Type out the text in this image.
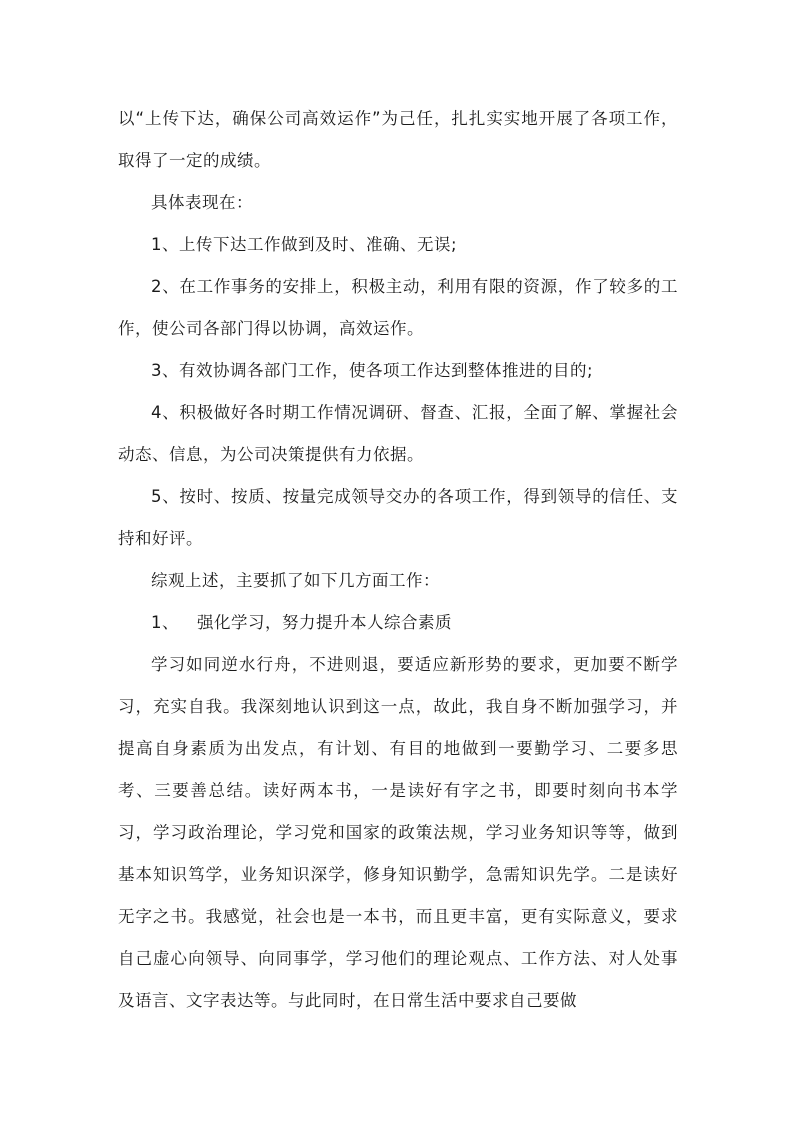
以“上传下达，确保公司高效运作”为己任，扎扎实实地开展了各项工作，取得了一定的成绩。

具体表现在：

1、上传下达工作做到及时、准确、无误;

2、在工作事务的安排上，积极主动，利用有限的资源，作了较多的工作，使公司各部门得以协调，高效运作。

3、有效协调各部门工作，使各项工作达到整体推进的目的;

4、积极做好各时期工作情况调研、督查、汇报，全面了解、掌握社会动态、信息，为公司决策提供有力依据。

5、按时、按质、按量完成领导交办的各项工作，得到领导的信任、支持和好评。

综观上述，主要抓了如下几方面工作：

1、 强化学习，努力提升本人综合素质

学习如同逆水行舟，不进则退，要适应新形势的要求，更加要不断学习，充实自我。我深刻地认识到这一点，故此，我自身不断加强学习，并提高自身素质为出发点，有计划、有目的地做到一要勤学习、二要多思考、三要善总结。读好两本书，一是读好有字之书，即要时刻向书本学习，学习政治理论，学习党和国家的政策法规，学习业务知识等等，做到基本知识笃学，业务知识深学，修身知识勤学，急需知识先学。二是读好无字之书。我感觉，社会也是一本书，而且更丰富，更有实际意义，要求自己虚心向领导、向同事学，学习他们的理论观点、工作方法、对人处事及语言、文字表达等。与此同时，在日常生活中要求自己要做
